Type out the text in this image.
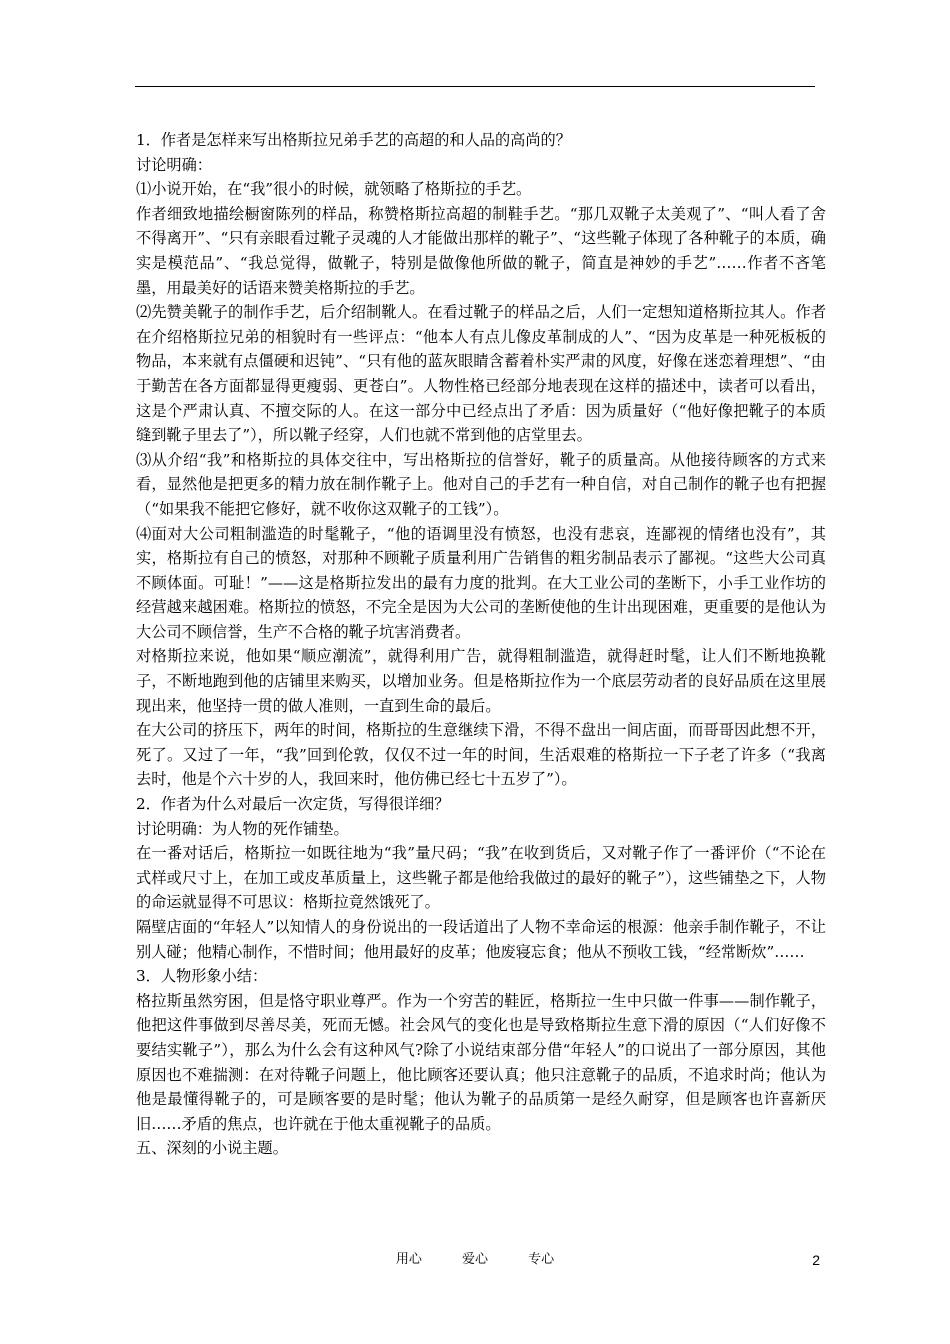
1．作者是怎样来写出格斯拉兄弟手艺的高超的和人品的高尚的？

讨论明确：

⑴小说开始，在“我”很小的时候，就领略了格斯拉的手艺。

作者细致地描绘橱窗陈列的样品，称赞格斯拉高超的制鞋手艺。“那几双靴子太美观了”、“叫人看了舍不得离开”、“只有亲眼看过靴子灵魂的人才能做出那样的靴子”、“这些靴子体现了各种靴子的本质，确实是模范品”、“我总觉得，做靴子，特别是做像他所做的靴子，简直是神妙的手艺”……作者不吝笔墨，用最美好的话语来赞美格斯拉的手艺。

⑵先赞美靴子的制作手艺，后介绍制靴人。在看过靴子的样品之后，人们一定想知道格斯拉其人。作者在介绍格斯拉兄弟的相貌时有一些评点：“他本人有点儿像皮革制成的人”、“因为皮革是一种死板板的物品，本来就有点僵硬和迟钝”、“只有他的蓝灰眼睛含蓄着朴实严肃的风度，好像在迷恋着理想”、“由于勤苦在各方面都显得更瘦弱、更苍白”。人物性格已经部分地表现在这样的描述中，读者可以看出，这是个严肃认真、不擅交际的人。在这一部分中已经点出了矛盾：因为质量好（“他好像把靴子的本质缝到靴子里去了”），所以靴子经穿，人们也就不常到他的店堂里去。

⑶从介绍“我”和格斯拉的具体交往中，写出格斯拉的信誉好，靴子的质量高。从他接待顾客的方式来看，显然他是把更多的精力放在制作靴子上。他对自己的手艺有一种自信，对自己制作的靴子也有把握（“如果我不能把它修好，就不收你这双靴子的工钱”）。

⑷面对大公司粗制滥造的时髦靴子，“他的语调里没有愤怒，也没有悲哀，连鄙视的情绪也没有”，其实，格斯拉有自己的愤怒，对那种不顾靴子质量利用广告销售的粗劣制品表示了鄙视。“这些大公司真不顾体面。可耻！”——这是格斯拉发出的最有力度的批判。在大工业公司的垄断下，小手工业作坊的经营越来越困难。格斯拉的愤怒，不完全是因为大公司的垄断使他的生计出现困难，更重要的是他认为大公司不顾信誉，生产不合格的靴子坑害消费者。

对格斯拉来说，他如果“顺应潮流”，就得利用广告，就得粗制滥造，就得赶时髦，让人们不断地换靴子，不断地跑到他的店铺里来购买，以增加业务。但是格斯拉作为一个底层劳动者的良好品质在这里展现出来，他坚持一贯的做人准则，一直到生命的最后。

在大公司的挤压下，两年的时间，格斯拉的生意继续下滑，不得不盘出一间店面，而哥哥因此想不开，死了。又过了一年，“我”回到伦敦，仅仅不过一年的时间，生活艰难的格斯拉一下子老了许多（“我离去时，他是个六十岁的人，我回来时，他仿佛已经七十五岁了”）。

2．作者为什么对最后一次定货，写得很详细？

讨论明确：为人物的死作铺垫。

在一番对话后，格斯拉一如既往地为“我”量尺码；“我”在收到货后，又对靴子作了一番评价（“不论在式样或尺寸上，在加工或皮革质量上，这些靴子都是他给我做过的最好的靴子”），这些铺垫之下，人物的命运就显得不可思议：格斯拉竟然饿死了。

隔壁店面的“年轻人”以知情人的身份说出的一段话道出了人物不幸命运的根源：他亲手制作靴子，不让别人碰；他精心制作，不惜时间；他用最好的皮革；他废寝忘食；他从不预收工钱，“经常断炊”……

3．人物形象小结：

格拉斯虽然穷困，但是恪守职业尊严。作为一个穷苦的鞋匠，格斯拉一生中只做一件事——制作靴子，他把这件事做到尽善尽美，死而无憾。社会风气的变化也是导致格斯拉生意下滑的原因（“人们好像不要结实靴子”），那么为什么会有这种风气?除了小说结束部分借“年轻人”的口说出了一部分原因，其他原因也不难揣测：在对待靴子问题上，他比顾客还要认真；他只注意靴子的品质，不追求时尚；他认为他是最懂得靴子的，可是顾客要的是时髦；他认为靴子的品质第一是经久耐穿，但是顾客也许喜新厌旧……矛盾的焦点，也许就在于他太重视靴子的品质。

五、深刻的小说主题。

用心	爱心	专心	2
